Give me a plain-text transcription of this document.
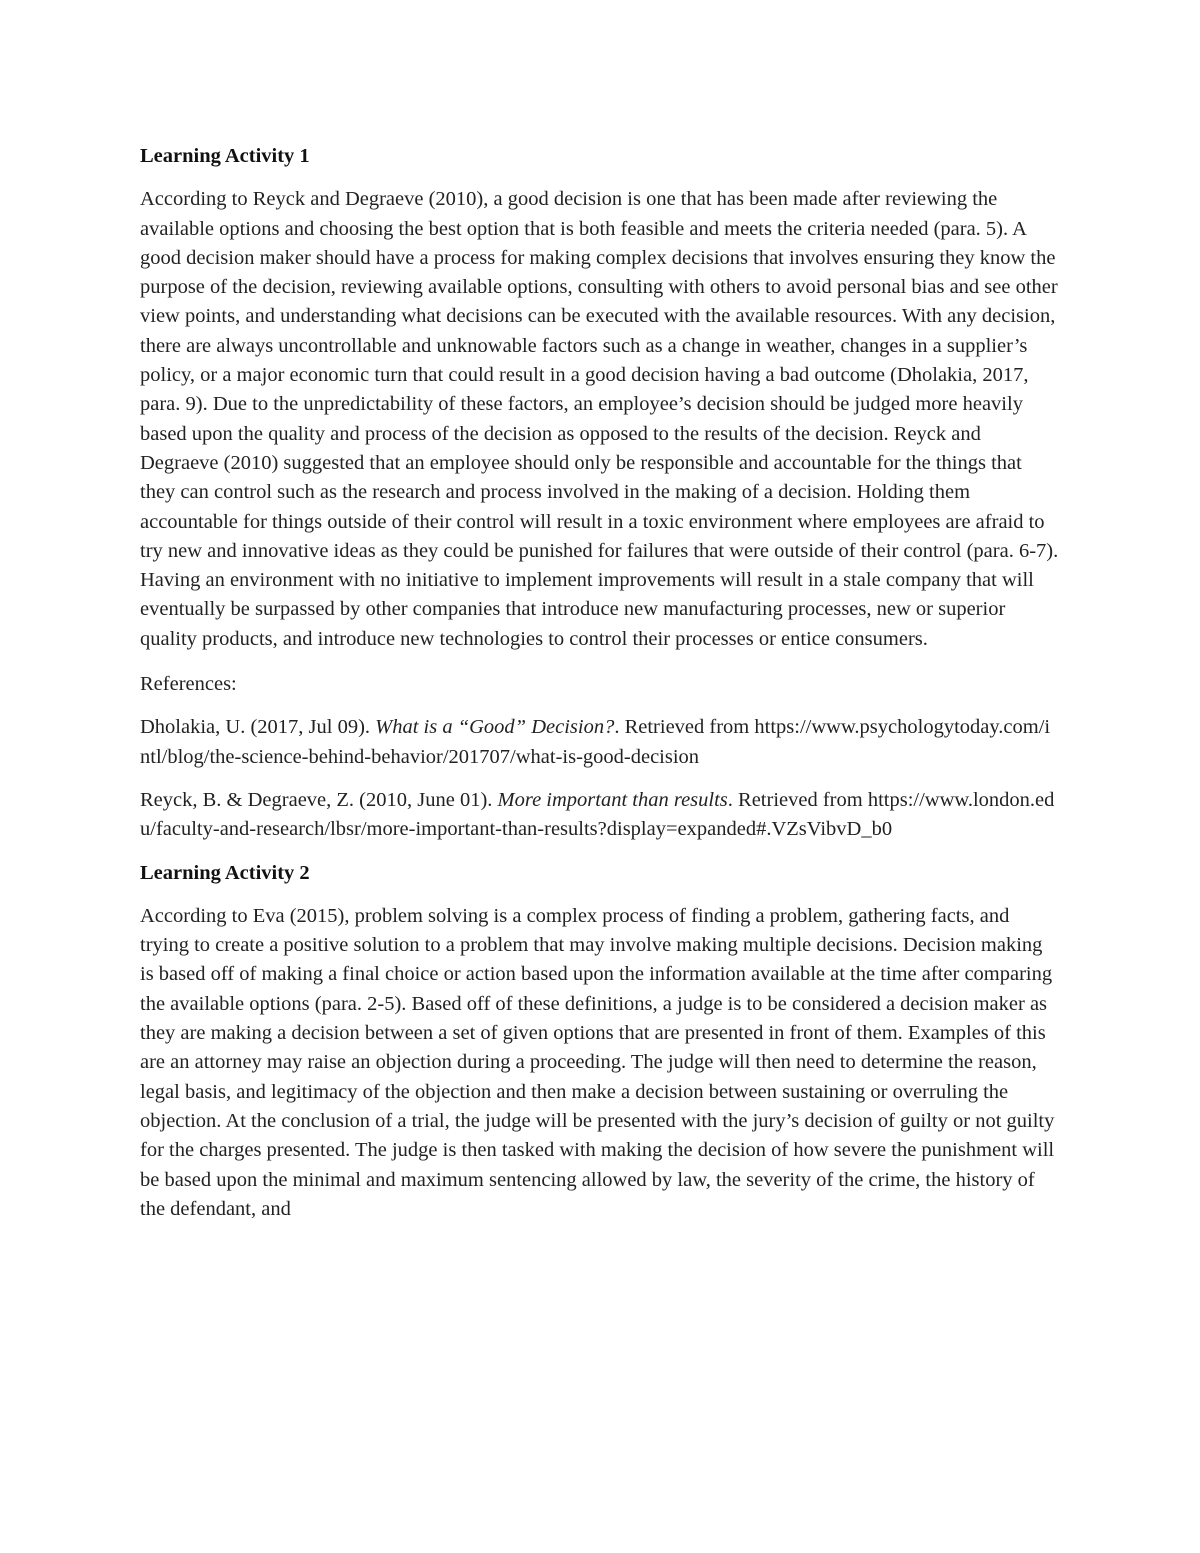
Learning Activity 1

According to Reyck and Degraeve (2010), a good decision is one that has been made after reviewing the available options and choosing the best option that is both feasible and meets the criteria needed (para. 5). A good decision maker should have a process for making complex decisions that involves ensuring they know the purpose of the decision, reviewing available options, consulting with others to avoid personal bias and see other view points, and understanding what decisions can be executed with the available resources. With any decision, there are always uncontrollable and unknowable factors such as a change in weather, changes in a supplier’s policy, or a major economic turn that could result in a good decision having a bad outcome (Dholakia, 2017, para. 9). Due to the unpredictability of these factors, an employee’s decision should be judged more heavily based upon the quality and process of the decision as opposed to the results of the decision. Reyck and Degraeve (2010) suggested that an employee should only be responsible and accountable for the things that they can control such as the research and process involved in the making of a decision. Holding them accountable for things outside of their control will result in a toxic environment where employees are afraid to try new and innovative ideas as they could be punished for failures that were outside of their control (para. 6-7). Having an environment with no initiative to implement improvements will result in a stale company that will eventually be surpassed by other companies that introduce new manufacturing processes, new or superior quality products, and introduce new technologies to control their processes or entice consumers.

References:

Dholakia, U. (2017, Jul 09). What is a “Good” Decision?. Retrieved from https://www.psychologytoday.com/intl/blog/the-science-behind-behavior/201707/what-is-good-decision

Reyck, B. & Degraeve, Z. (2010, June 01). More important than results. Retrieved from https://www.london.edu/faculty-and-research/lbsr/more-important-than-results?display=expanded#.VZsVibvD_b0

Learning Activity 2

According to Eva (2015), problem solving is a complex process of finding a problem, gathering facts, and trying to create a positive solution to a problem that may involve making multiple decisions. Decision making is based off of making a final choice or action based upon the information available at the time after comparing the available options (para. 2-5). Based off of these definitions, a judge is to be considered a decision maker as they are making a decision between a set of given options that are presented in front of them. Examples of this are an attorney may raise an objection during a proceeding. The judge will then need to determine the reason, legal basis, and legitimacy of the objection and then make a decision between sustaining or overruling the objection. At the conclusion of a trial, the judge will be presented with the jury’s decision of guilty or not guilty for the charges presented. The judge is then tasked with making the decision of how severe the punishment will be based upon the minimal and maximum sentencing allowed by law, the severity of the crime, the history of the defendant, and
